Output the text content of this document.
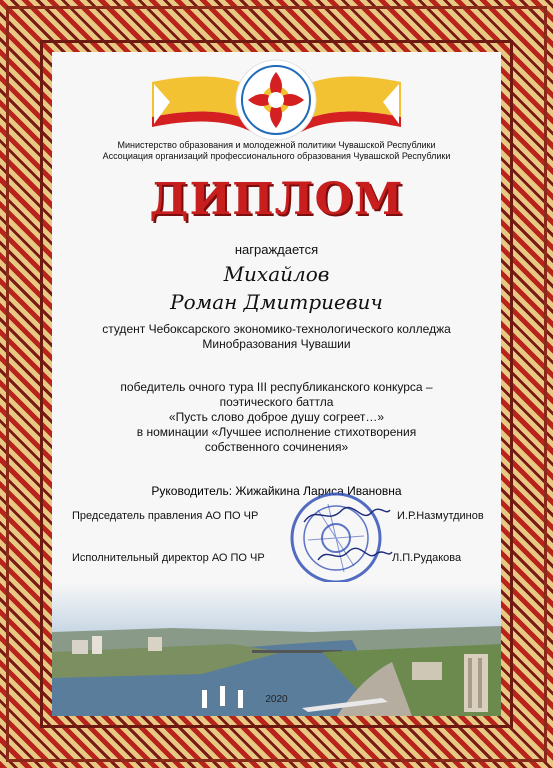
Министерство образования и молодежной политики Чувашской Республики
Ассоциация организаций профессионального образования Чувашской Республики
ДИПЛОМ
награждается
Михайлов
Роман Дмитриевич
студент Чебоксарского экономико-технологического колледжа
Минобразования Чувашии
победитель очного тура III республиканского конкурса –
поэтического баттла
«Пусть слово доброе душу согреет…»
в номинации «Лучшее исполнение стихотворения
собственного сочинения»
Руководитель: Жижайкина Лариса Ивановна
Председатель правления АО ПО ЧР	И.Р.Назмутдинов
Исполнительный директор АО ПО ЧР	Л.П.Рудакова
2020
